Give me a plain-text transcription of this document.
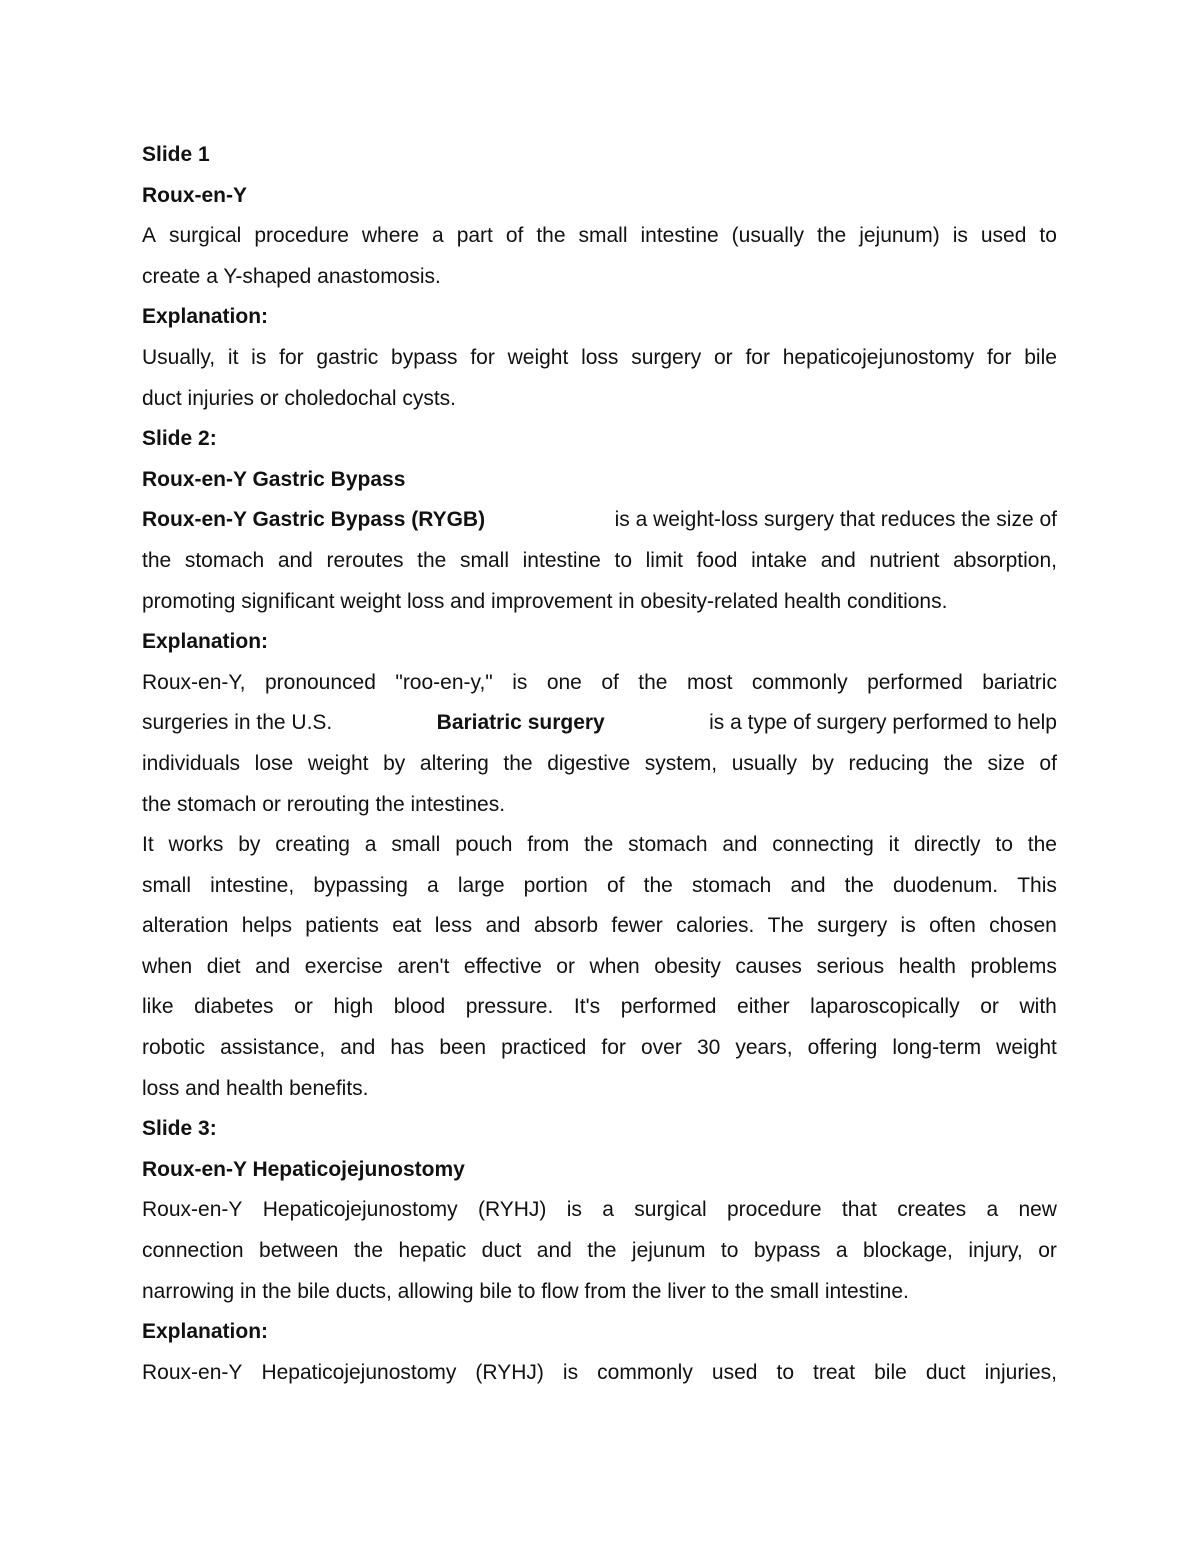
Slide 1

Roux-en-Y

A surgical procedure where a part of the small intestine (usually the jejunum) is used to

create a Y-shaped anastomosis.

Explanation:

Usually, it is for gastric bypass for weight loss surgery or for hepaticojejunostomy for bile

duct injuries or choledochal cysts.

Slide 2:

Roux-en-Y Gastric Bypass

Roux-en-Y Gastric Bypass (RYGB)	is a weight-loss surgery that reduces the size of

the stomach and reroutes the small intestine to limit food intake and nutrient absorption,

promoting significant weight loss and improvement in obesity-related health conditions.

Explanation:

Roux-en-Y, pronounced "roo-en-y," is one of the most commonly performed bariatric

surgeries in the U.S.	Bariatric surgery	is a type of surgery performed to help

individuals lose weight by altering the digestive system, usually by reducing the size of

the stomach or rerouting the intestines.

It works by creating a small pouch from the stomach and connecting it directly to the

small intestine, bypassing a large portion of the stomach and the duodenum. This

alteration helps patients eat less and absorb fewer calories. The surgery is often chosen

when diet and exercise aren't effective or when obesity causes serious health problems

like diabetes or high blood pressure. It's performed either laparoscopically or with

robotic assistance, and has been practiced for over 30 years, offering long-term weight

loss and health benefits.

Slide 3:

Roux-en-Y Hepaticojejunostomy

Roux-en-Y Hepaticojejunostomy (RYHJ) is a surgical procedure that creates a new

connection between the hepatic duct and the jejunum to bypass a blockage, injury, or

narrowing in the bile ducts, allowing bile to flow from the liver to the small intestine.

Explanation:

Roux-en-Y Hepaticojejunostomy (RYHJ) is commonly used to treat bile duct injuries,
